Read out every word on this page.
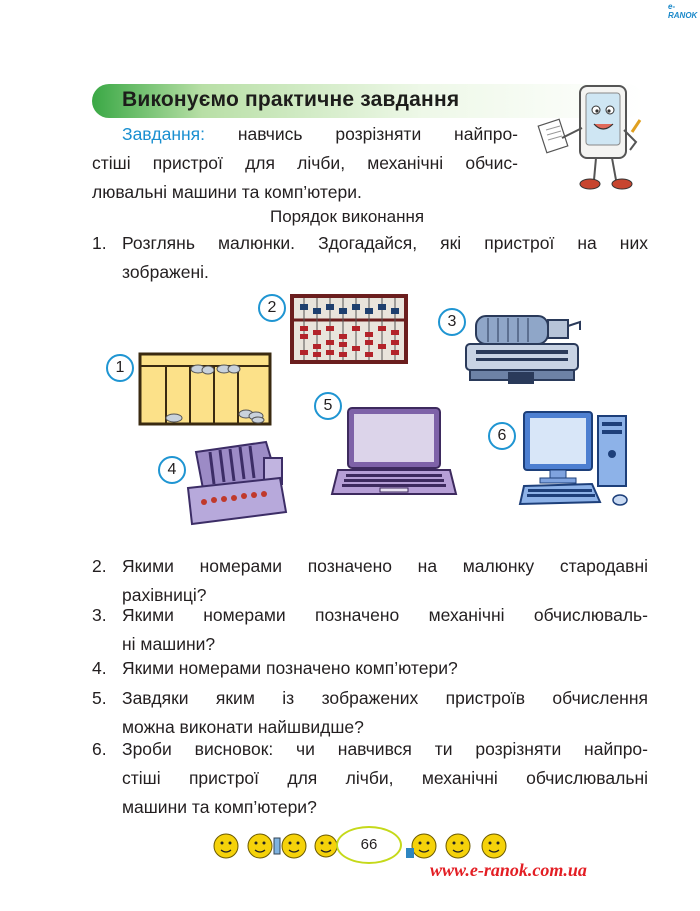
e-RANOK
Виконуємо практичне завдання
Завдання: навчись розрізняти найпро-
стіші пристрої для лічби, механічні обчис-
лювальні машини та комп’ютери.
Порядок виконання
1. Розглянь малюнки. Здогадайся, які пристрої на них
зображені.
1
2
3
5
6
4
2. Якими номерами позначено на малюнку стародавні
рахівниці?
3. Якими номерами позначено механічні обчислюваль-
ні машини?
4. Якими номерами позначено комп’ютери?
5. Завдяки яким із зображених пристроїв обчислення
можна виконати найшвидше?
6. Зроби висновок: чи навчився ти розрізняти найпро-
стіші пристрої для лічби, механічні обчислювальні
машини та комп’ютери?
66
www.e-ranok.com.ua
